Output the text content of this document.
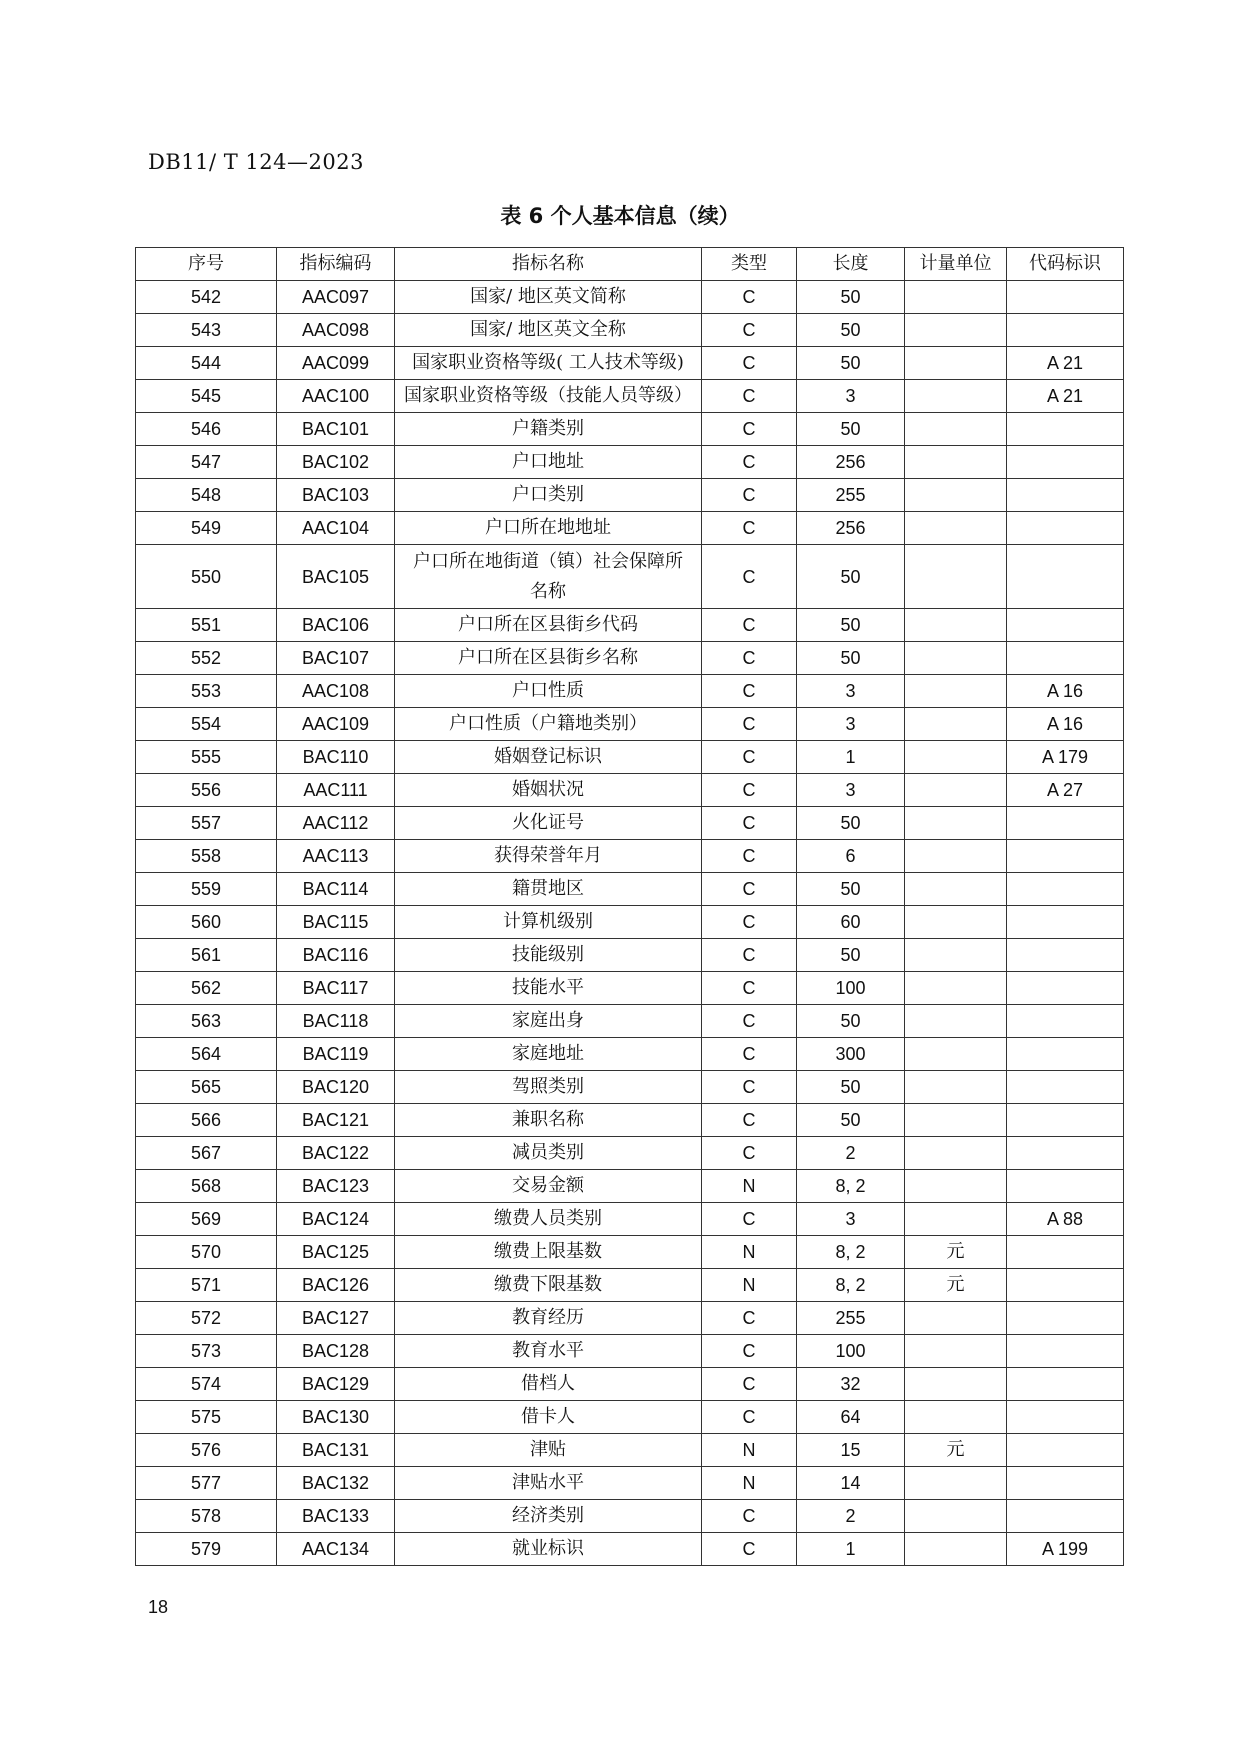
DB11/ T 124—2023
表 6 个人基本信息（续）
序号	指标编码	指标名称	类型	长度	计量单位	代码标识
542	AAC097	国家/ 地区英文简称	C	50		
543	AAC098	国家/ 地区英文全称	C	50		
544	AAC099	国家职业资格等级( 工人技术等级)	C	50		A 21
545	AAC100	国家职业资格等级（技能人员等级）	C	3		A 21
546	BAC101	户籍类别	C	50		
547	BAC102	户口地址	C	256		
548	BAC103	户口类别	C	255		
549	AAC104	户口所在地地址	C	256		
550	BAC105	户口所在地街道（镇）社会保障所名称	C	50		
551	BAC106	户口所在区县街乡代码	C	50		
552	BAC107	户口所在区县街乡名称	C	50		
553	AAC108	户口性质	C	3		A 16
554	AAC109	户口性质（户籍地类别）	C	3		A 16
555	BAC110	婚姻登记标识	C	1		A 179
556	AAC111	婚姻状况	C	3		A 27
557	AAC112	火化证号	C	50		
558	AAC113	获得荣誉年月	C	6		
559	BAC114	籍贯地区	C	50		
560	BAC115	计算机级别	C	60		
561	BAC116	技能级别	C	50		
562	BAC117	技能水平	C	100		
563	BAC118	家庭出身	C	50		
564	BAC119	家庭地址	C	300		
565	BAC120	驾照类别	C	50		
566	BAC121	兼职名称	C	50		
567	BAC122	减员类别	C	2		
568	BAC123	交易金额	N	8, 2		
569	BAC124	缴费人员类别	C	3		A 88
570	BAC125	缴费上限基数	N	8, 2	元	
571	BAC126	缴费下限基数	N	8, 2	元	
572	BAC127	教育经历	C	255		
573	BAC128	教育水平	C	100		
574	BAC129	借档人	C	32		
575	BAC130	借卡人	C	64		
576	BAC131	津贴	N	15	元	
577	BAC132	津贴水平	N	14		
578	BAC133	经济类别	C	2		
579	AAC134	就业标识	C	1		A 199
18
